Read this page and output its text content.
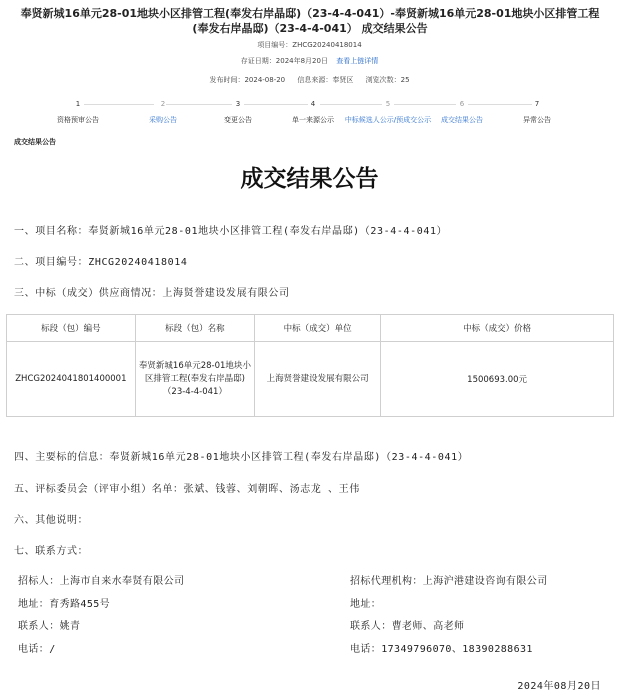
奉贤新城16单元28-01地块小区排管工程(奉发右岸晶邸)（23-4-4-041）-奉贤新城16单元28-01地块小区排管工程(奉发右岸晶邸)（23-4-4-041） 成交结果公告
项目编号：ZHCG20240418014
存证日期：2024年8月20日 查看上链详情
发布时间：2024-08-20 信息来源：奉贤区 浏览次数：25
1
资格预审公告
2
采购公告
3
变更公告
4
单一来源公示
5
中标候选人公示/预成交公示
6
成交结果公告
7
异常公告
成交结果公告
成交结果公告
一、项目名称：奉贤新城16单元28-01地块小区排管工程(奉发右岸晶邸)（23-4-4-041）
二、项目编号：ZHCG20240418014
三、中标（成交）供应商情况：上海贤誉建设发展有限公司
标段（包）编号	标段（包）名称	中标（成交）单位	中标（成交）价格
ZHCG2024041801400001	奉贤新城16单元28-01地块小区排管工程(奉发右岸晶邸)（23-4-4-041）	上海贤誉建设发展有限公司	1500693.00元
四、主要标的信息：奉贤新城16单元28-01地块小区排管工程(奉发右岸晶邸)（23-4-4-041）
五、评标委员会（评审小组）名单：张斌、钱蓉、刘朝晖、汤志龙 、王伟
六、其他说明：
七、联系方式：
招标人：上海市自来水奉贤有限公司
地址：育秀路455号
联系人：姚青
电话：/
招标代理机构：上海沪港建设咨询有限公司
地址：
联系人：曹老师、高老师
电话：17349796070、18390288631
2024年08月20日
